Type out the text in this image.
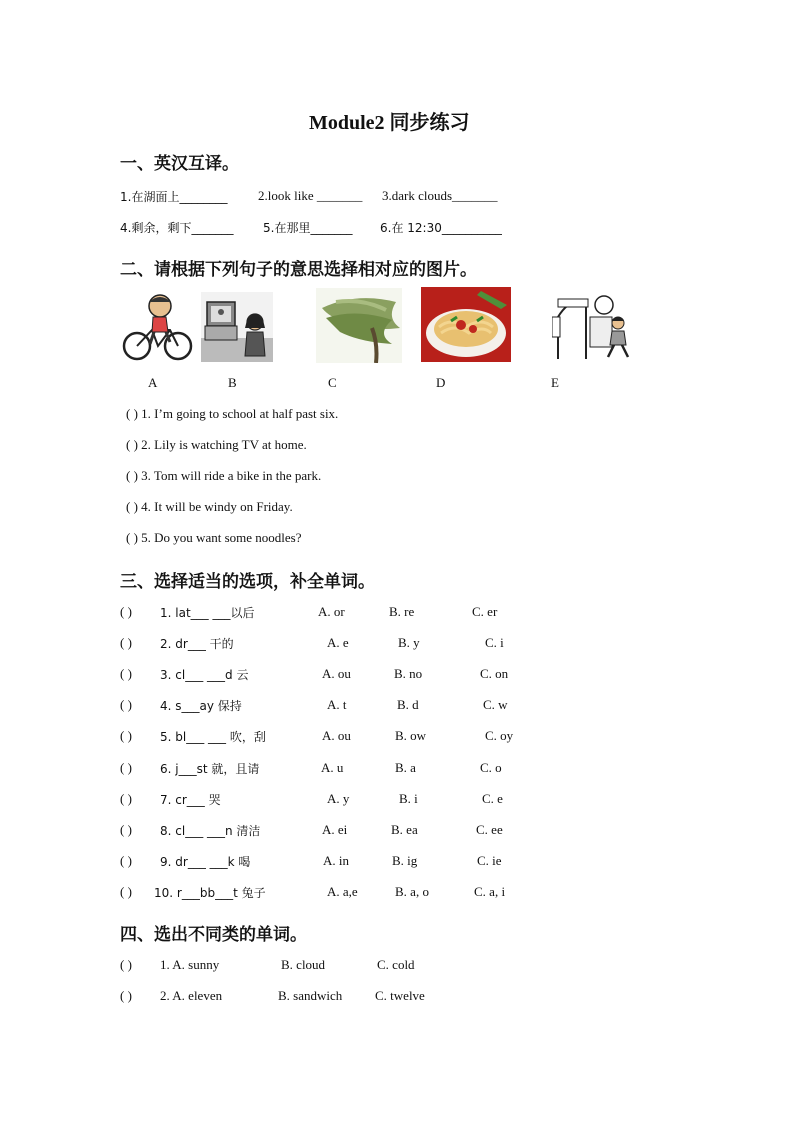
Module2 同步练习
一、英汉互译。
1.在湖面上________ 2.look like _______ 3.dark clouds_______
4.剩余，剩下_______ 5.在那里_______ 6.在 12:30__________
二、请根据下列句子的意思选择相对应的图片。
A	B	C	D	E
( ) 1. I’m going to school at half past six.
( ) 2. Lily is watching TV at home.
( ) 3. Tom will ride a bike in the park.
( ) 4. It will be windy on Friday.
( ) 5. Do you want some noodles?
三、选择适当的选项，补全单词。
( ) 1. lat___ ___以后	A. or	B. re	C. er
( ) 2. dr___ 干的	A. e	B. y	C. i
( ) 3. cl___ ___d 云	A. ou	B. no	C. on
( ) 4. s___ay 保持	A. t	B. d	C. w
( ) 5. bl___ ___ 吹，刮	A. ou	B. ow	C. oy
( ) 6. j___st 就，且请	A. u	B. a	C. o
( ) 7. cr___ 哭	A. y	B. i	C. e
( ) 8. cl___ ___n 清洁	A. ei	B. ea	C. ee
( ) 9. dr___ ___k 喝	A. in	B. ig	C. ie
( ) 10. r___bb___t 兔子	A. a,e	B. a, o	C. a, i
四、选出不同类的单词。
( ) 1. A. sunny	B. cloud	C. cold
( ) 2. A. eleven	B. sandwich	C. twelve
